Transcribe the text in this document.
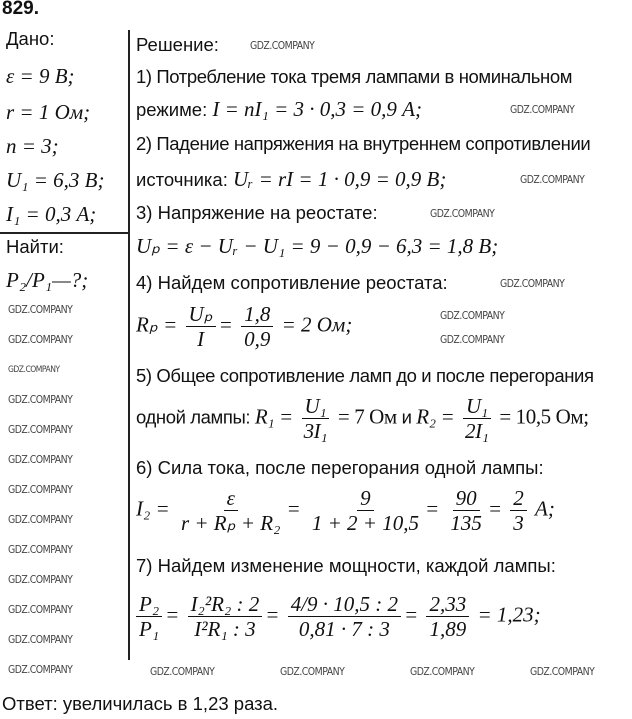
829.
Дано:
ε = 9 В;
r = 1 Ом;
n = 3;
U₁ = 6,3 В;
I₁ = 0,3 А;
Найти:
P₂/P₁—?;
Решение:
1) Потребление тока тремя лампами в номинальном
режиме: I = nI₁ = 3 · 0,3 = 0,9 А;
2) Падение напряжения на внутреннем сопротивлении
источника: Uᵣ = rI = 1 · 0,9 = 0,9 В;
3) Напряжение на реостате:
Uₚ = ε − Uᵣ − U₁ = 9 − 0,9 − 6,3 = 1,8 В;
4) Найдем сопротивление реостата:
$R_p = \frac{\text{Uₚ}}{I} = \frac{1,8}{0,9} = 2$ Ом;
5) Общее сопротивление ламп до и после перегорания
одной лампы: $R_1 = \frac{\text{U₁}}{\text{3I₁}} = 7$ Ом и $R_2 = \frac{\text{U₁}}{\text{2I₁}} = 10,5$ Ом;
6) Сила тока, после перегорания одной лампы:
$I_2 = \frac{\varepsilon}{\text{r + Rₚ + R₂}} = \frac{9}{1 + 2 + 10,5} = \frac{90}{135} = \frac{2}{3} А$;
7) Найдем изменение мощности, каждой лампы:
$\frac{\text{P₂}}{\text{P₁}} = \frac{\text{I₂²R₂ : 2}}{\text{I²R₁ : 3}} = \frac{4/9 \cdot 10,5 : 2}{0,81 \cdot 7 : 3} = \frac{2,33}{1,89} = 1,23$;
Ответ: увеличилась в 1,23 раза.
GDZ.COMPANY
GDZ.COMPANY
GDZ.COMPANY
GDZ.COMPANY
GDZ.COMPANY
GDZ.COMPANY
GDZ.COMPANY
GDZ.COMPANY
GDZ.COMPANY
GDZ.COMPANY
GDZ.COMPANY
GDZ.COMPANY
GDZ.COMPANY
GDZ.COMPANY
GDZ.COMPANY
GDZ.COMPANY
GDZ.COMPANY
GDZ.COMPANY
GDZ.COMPANY
GDZ.COMPANY	GDZ.COMPANY	GDZ.COMPANY	GDZ.COMPANY	GDZ.COMPANY
